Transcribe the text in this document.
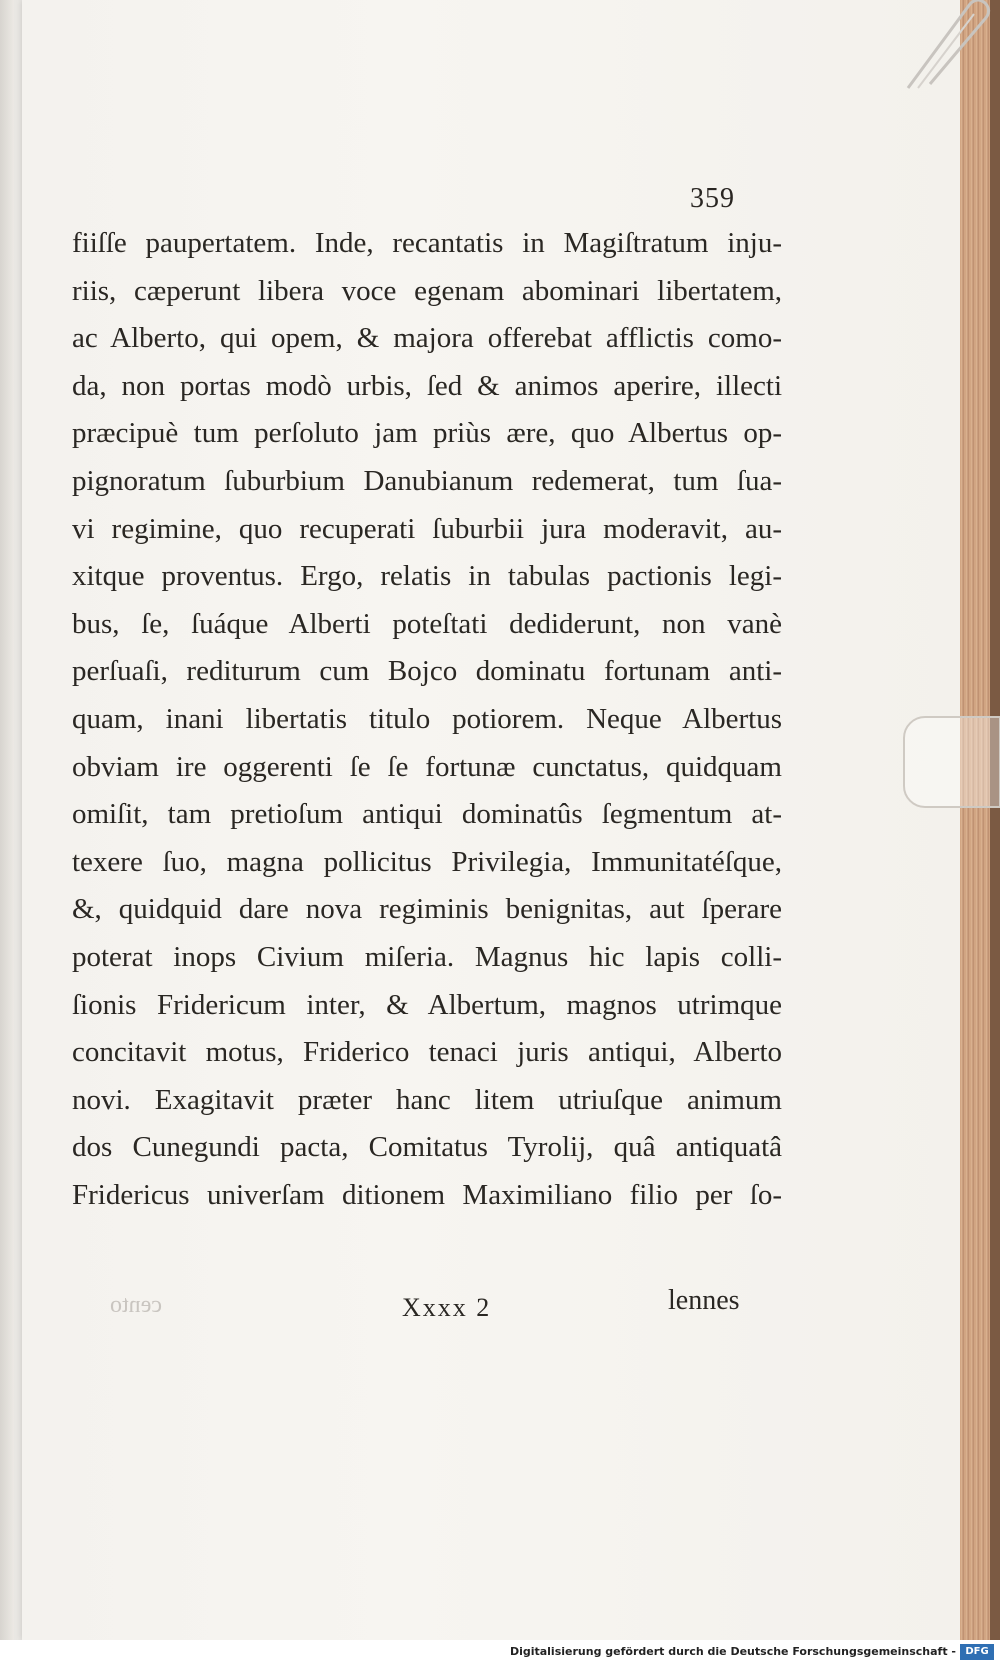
359
fiiſſe paupertatem. Inde, recantatis in Magiſtratum inju-
riis, cæperunt libera voce egenam abominari libertatem,
ac Alberto, qui opem, & majora offerebat afflictis como-
da, non portas modò urbis, ſed & animos aperire, illecti
præcipuè tum perſoluto jam priùs ære, quo Albertus op-
pignoratum ſuburbium Danubianum redemerat, tum ſua-
vi regimine, quo recuperati ſuburbii jura moderavit, au-
xitque proventus. Ergo, relatis in tabulas pactionis legi-
bus, ſe, ſuáque Alberti poteſtati dediderunt, non vanè
perſuaſi, rediturum cum Bojco dominatu fortunam anti-
quam, inani libertatis titulo potiorem. Neque Albertus
obviam ire oggerenti ſe ſe fortunæ cunctatus, quidquam
omiſit, tam pretioſum antiqui dominatûs ſegmentum at-
texere ſuo, magna pollicitus Privilegia, Immunitatéſque,
&, quidquid dare nova regiminis benignitas, aut ſperare
poterat inops Civium miſeria. Magnus hic lapis colli-
ſionis Fridericum inter, & Albertum, magnos utrimque
concitavit motus, Friderico tenaci juris antiqui, Alberto
novi. Exagitavit præter hanc litem utriuſque animum
dos Cunegundi pacta, Comitatus Tyrolij, quâ antiquatâ
Fridericus univerſam ditionem Maximiliano filio per ſo-
cento	Xxxx 2	lennes
Digitalisierung gefördert durch die Deutsche Forschungsgemeinschaft - DFG
